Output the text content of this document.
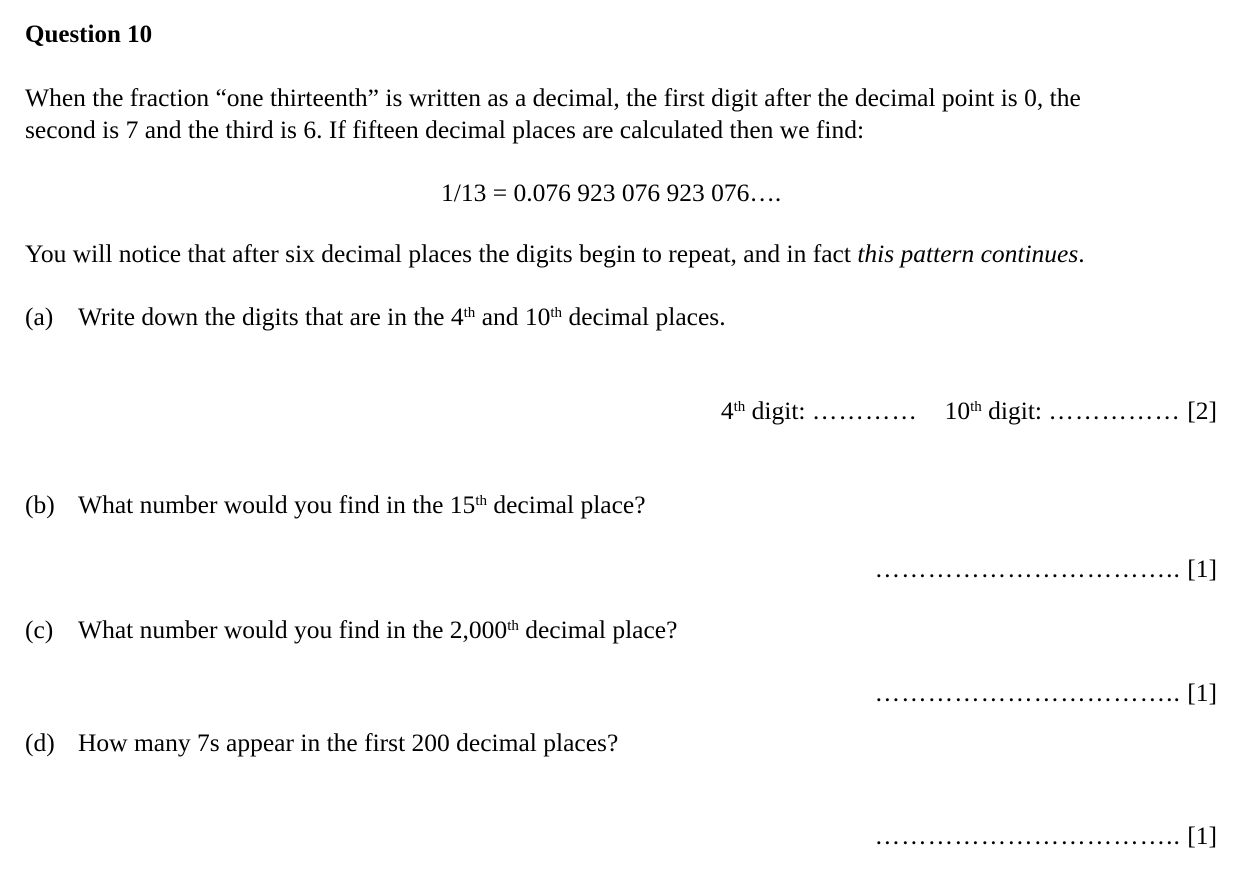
Question 10
When the fraction “one thirteenth” is written as a decimal, the first digit after the decimal point is 0, the
second is 7 and the third is 6. If fifteen decimal places are calculated then we find:
1/13 = 0.076 923 076 923 076….
You will notice that after six decimal places the digits begin to repeat, and in fact this pattern continues.
(a) Write down the digits that are in the 4th and 10th decimal places.
4th digit: ………… 10th digit: …………… [2]
(b) What number would you find in the 15th decimal place?
…………………………….. [1]
(c) What number would you find in the 2,000th decimal place?
…………………………….. [1]
(d) How many 7s appear in the first 200 decimal places?
…………………………….. [1]
